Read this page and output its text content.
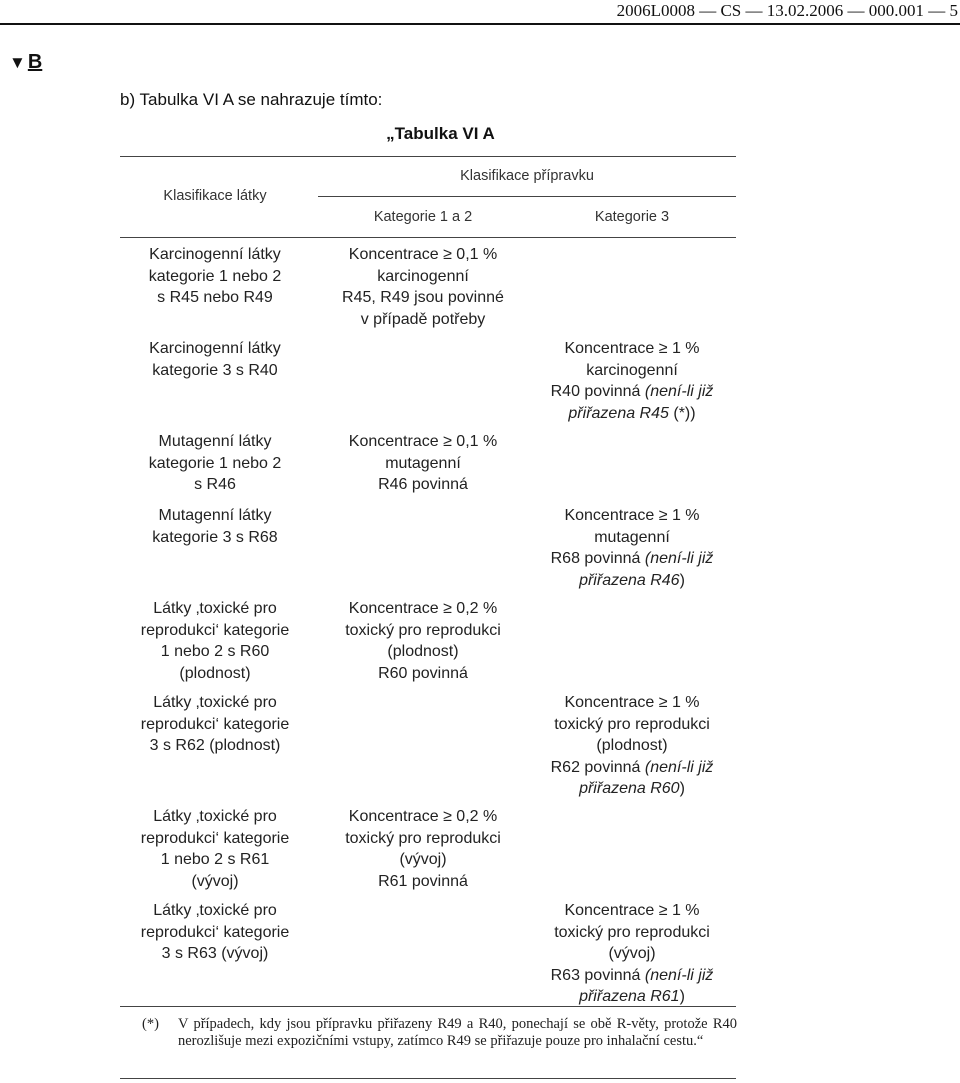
2006L0008 — CS — 13.02.2006 — 000.001 — 5
▼ B
b) Tabulka VI A se nahrazuje tímto:
„Tabulka VI A
Klasifikace látky
Klasifikace přípravku
Kategorie 1 a 2	Kategorie 3
Karcinogenní látky
kategorie 1 nebo 2
s R45 nebo R49
Koncentrace ≥ 0,1 %
karcinogenní
R45, R49 jsou povinné
v případě potřeby
Karcinogenní látky
kategorie 3 s R40
Koncentrace ≥ 1 %
karcinogenní
R40 povinná (není-li již
přiřazena R45 (*))
Mutagenní látky
kategorie 1 nebo 2
s R46
Koncentrace ≥ 0,1 %
mutagenní
R46 povinná
Mutagenní látky
kategorie 3 s R68
Koncentrace ≥ 1 %
mutagenní
R68 povinná (není-li již
přiřazena R46)
Látky ‚toxické pro
reprodukci‘ kategorie
1 nebo 2 s R60
(plodnost)
Koncentrace ≥ 0,2 %
toxický pro reprodukci
(plodnost)
R60 povinná
Látky ‚toxické pro
reprodukci‘ kategorie
3 s R62 (plodnost)
Koncentrace ≥ 1 %
toxický pro reprodukci
(plodnost)
R62 povinná (není-li již
přiřazena R60)
Látky ‚toxické pro
reprodukci‘ kategorie
1 nebo 2 s R61
(vývoj)
Koncentrace ≥ 0,2 %
toxický pro reprodukci
(vývoj)
R61 povinná
Látky ‚toxické pro
reprodukci‘ kategorie
3 s R63 (vývoj)
Koncentrace ≥ 1 %
toxický pro reprodukci
(vývoj)
R63 povinná (není-li již
přiřazena R61)
(*) V případech, kdy jsou přípravku přiřazeny R49 a R40, ponechají se obě R-věty, protože R40 nerozlišuje mezi expozičními vstupy, zatímco R49 se přiřazuje pouze pro inhalační cestu.“
